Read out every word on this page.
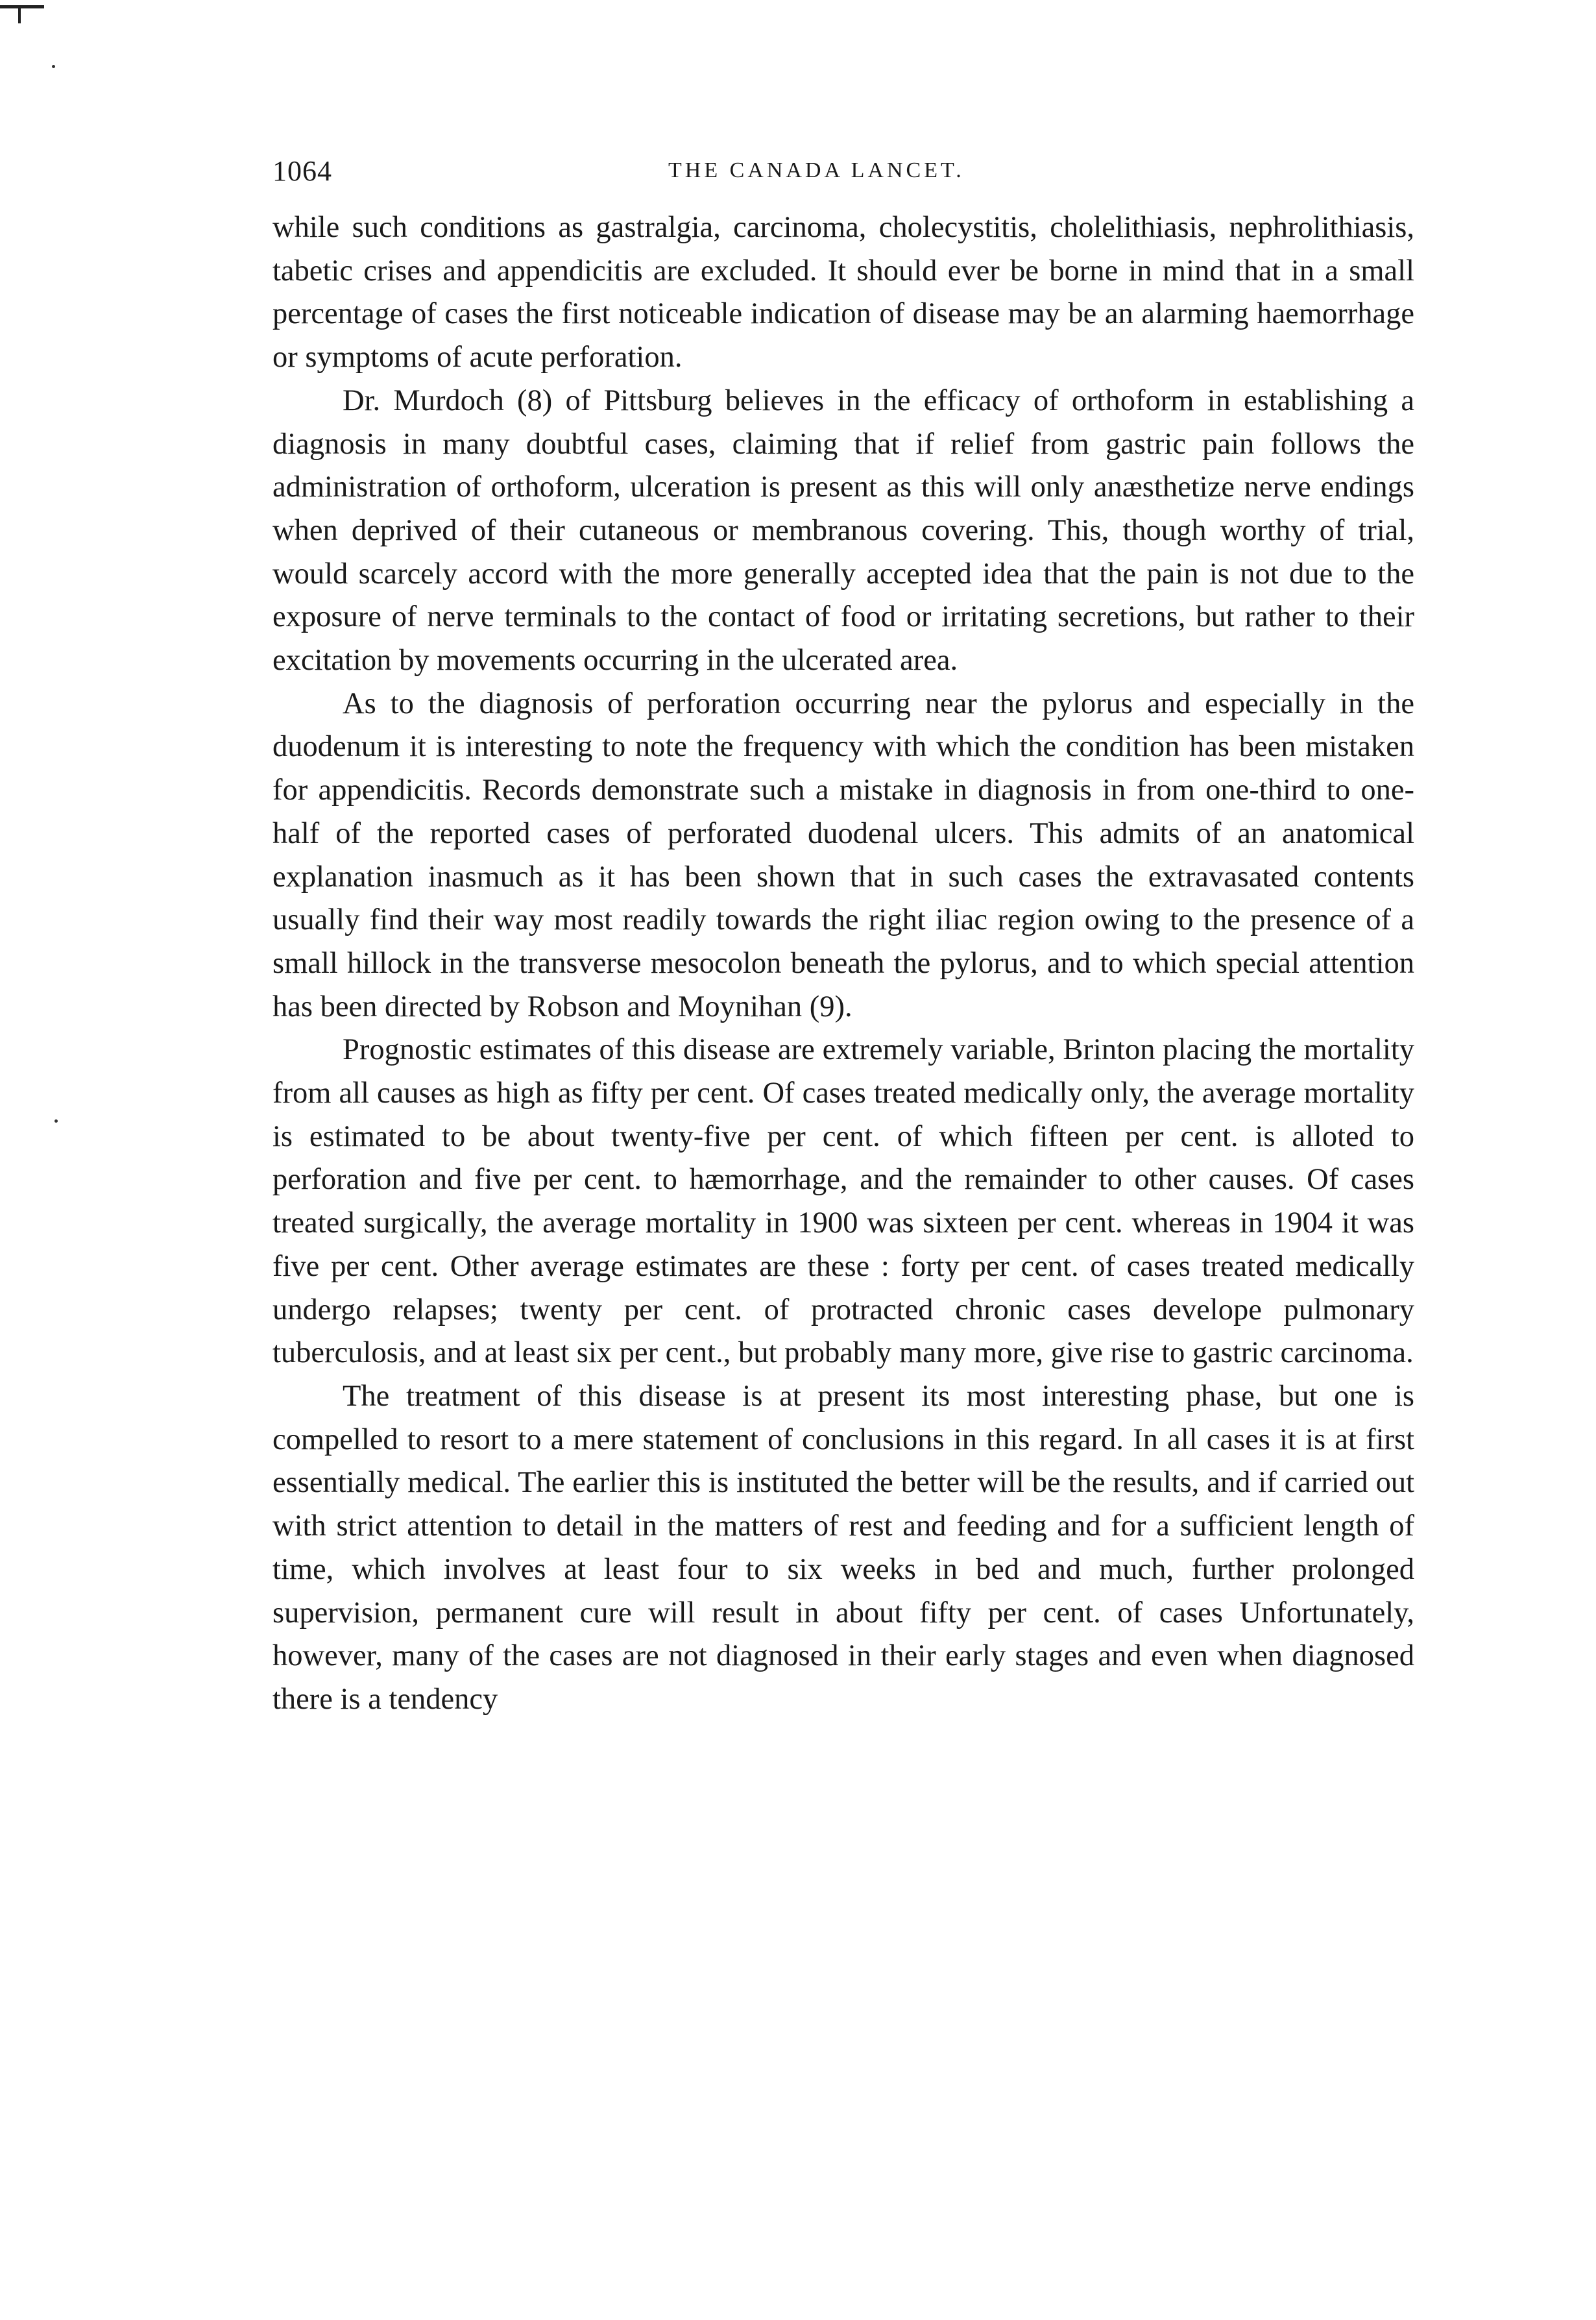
1064	THE CANADA LANCET.

while such conditions as gastralgia, carcinoma, cholecystitis, cholelithiasis, nephrolithiasis, tabetic crises and appendicitis are excluded. It should ever be borne in mind that in a small percentage of cases the first noticeable indication of disease may be an alarming haemorrhage or symptoms of acute perforation.

Dr. Murdoch (8) of Pittsburg believes in the efficacy of orthoform in establishing a diagnosis in many doubtful cases, claiming that if relief from gastric pain follows the administration of orthoform, ulceration is present as this will only anæsthetize nerve endings when deprived of their cutaneous or membranous covering. This, though worthy of trial, would scarcely accord with the more generally accepted idea that the pain is not due to the exposure of nerve terminals to the contact of food or irritating secretions, but rather to their excitation by movements occurring in the ulcerated area.

As to the diagnosis of perforation occurring near the pylorus and especially in the duodenum it is interesting to note the frequency with which the condition has been mistaken for appendicitis. Records demonstrate such a mistake in diagnosis in from one-third to one-half of the reported cases of perforated duodenal ulcers. This admits of an anatomical explanation inasmuch as it has been shown that in such cases the extravasated contents usually find their way most readily towards the right iliac region owing to the presence of a small hillock in the transverse mesocolon beneath the pylorus, and to which special attention has been directed by Robson and Moynihan (9).

Prognostic estimates of this disease are extremely variable, Brinton placing the mortality from all causes as high as fifty per cent. Of cases treated medically only, the average mortality is estimated to be about twenty-five per cent. of which fifteen per cent. is alloted to perforation and five per cent. to hæmorrhage, and the remainder to other causes. Of cases treated surgically, the average mortality in 1900 was sixteen per cent. whereas in 1904 it was five per cent. Other average estimates are these : forty per cent. of cases treated medically undergo relapses; twenty per cent. of protracted chronic cases develope pulmonary tuberculosis, and at least six per cent., but probably many more, give rise to gastric carcinoma.

The treatment of this disease is at present its most interesting phase, but one is compelled to resort to a mere statement of conclusions in this regard. In all cases it is at first essentially medical. The earlier this is instituted the better will be the results, and if carried out with strict attention to detail in the matters of rest and feeding and for a sufficient length of time, which involves at least four to six weeks in bed and much, further prolonged supervision, permanent cure will result in about fifty per cent. of cases Unfortunately, however, many of the cases are not diagnosed in their early stages and even when diagnosed there is a tendency
